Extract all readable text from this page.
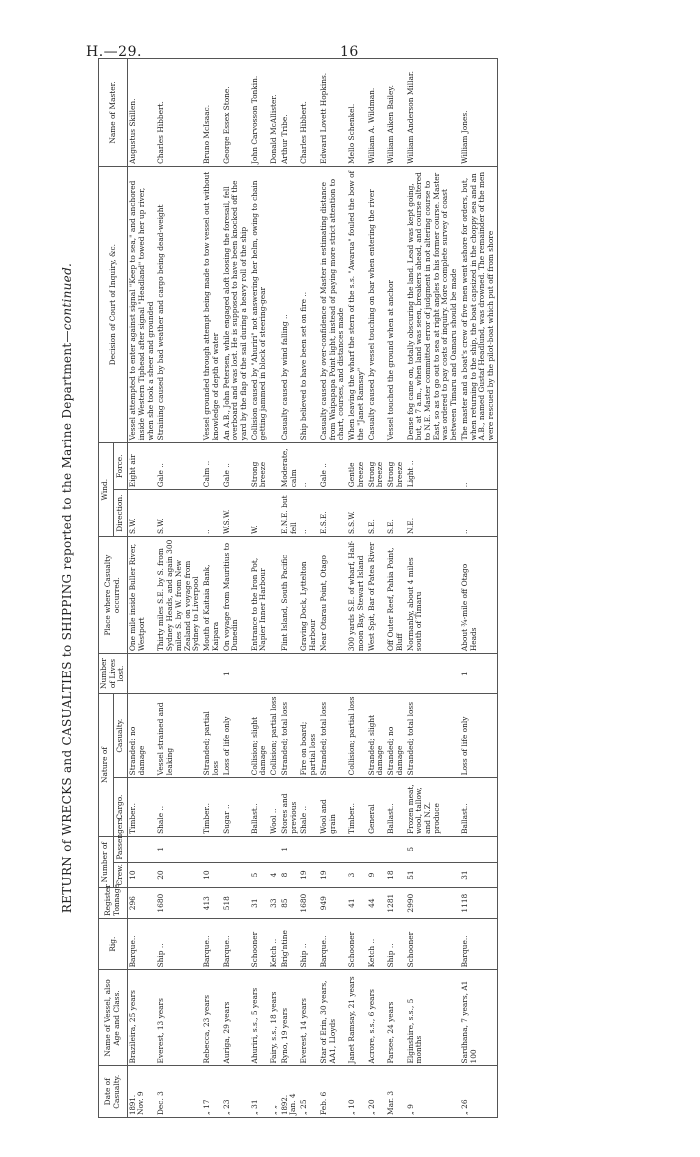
H.—29.	16
RETURN of WRECKS and CASUALTIES to SHIPPING reported to the Marine Department—continued.
Date of Casualty.	Name of Vessel, also Age and Class.	Rig.	Register Tonnage.	Number of		Nature of		Number of Lives lost.	Place where Casualty occurred.	Wind.		Decision of Court of Inquiry, &c.	Name of Master.
				Crew.	Passengers.	Cargo.	Casualty.			Direction.	Force.		

1891. Nov. 9	Brazileira, 25 years	Barque..	296	10		Timber..	Stranded: no damage		One mile inside Buller River, Westport	S.W.	Eight air	Vessel attempted to enter against signal "Keep to sea," and anchored inside Western Tiphead after signal "Headland" towed her up river, when she took a sheer and grounded	Augustus Skillen.

Dec. 3	Everest, 13 years	Ship ..	1680	20	1	Shale ..	Vessel strained and leaking		Thirty miles S.E. by S. from Sydney Heads, and again 300 miles S. by W. from New Zealand on voyage from Sydney to Liverpool	S.W.	Gale ..	Straining caused by bad weather and cargo being dead-weight	Charles Hibbert.

„ 17	Rebecca, 23 years	Barque..	413	10		Timber..	Stranded; partial loss		Mouth of Kaitaia Bank, Kaipara	..	Calm ..	Vessel grounded through attempt being made to tow vessel out without knowledge of depth of water	Bruno McIsaac.

„ 23	Auriga, 29 years	Barque..	518			Sugar ..	Loss of life only	1	On voyage from Mauritius to Dunedin	W.S.W.	Gale ..	An A.B., John Petersen, while engaged aloft loosing the foresail, fell overboard and was lost. He is supposed to have been knocked off the yard by the flap of the sail during a heavy roll of the ship	George Essex Stone.

„ 31	Ahuriri, s.s., 5 years	Schooner	31	5		Ballast..	Collision; slight damage		Entrance to the Iron Pot, Napier Inner Harbour	W.	Strong breeze	Collision caused by "Ahuriri" not answering her helm, owing to chain getting jammed in block of steering-gear	John Carvosson Tonkin.

„ „	Fairy, s.s., 18 years	Ketch ..	33	4		Wool ..	Collision; partial loss						Donald McAllister.

1892. Jan. 4	Ryno, 19 years	Brig'ntine	85	8	1	Stores and previous	Stranded; total loss		Flint Island, South Pacific	E.N.E. but fell	Moderate, calm	Casualty caused by wind falling ..	Arthur Tribe.

„ 25	Everest, 14 years	Ship ..	1680	19		Shale ..	Fire on board; partial loss		Graving Dock, Lyttelton Harbour	..	..	Ship believed to have been set on fire ..	Charles Hibbert.

Feb. 6	Star of Erin, 30 years, AA1, Lloyds	Barque..	949	19		Wool and grain	Stranded; total loss		Near Otarau Point, Otago	E.S.E.	Gale ..	Casualty caused by over-confidence of Master in estimating distance from Waipapapa Point light, instead of paying more strict attention to chart, courses, and distances made	Edward Lovett Hopkins.

„ 10	Janet Ramsay, 21 years	Schooner	41	3		Timber..	Collision; partial loss		300 yards S.E. of wharf, Half-moon Bay, Stewart Island	S.S.W.	Gentle breeze	When leaving the wharf the stern of the s.s. "Awarua" fouled the bow of the "Janet Ramsay"	Mello Schenkel.

„ 20	Acrore, s.s., 6 years	Ketch ..	44	9		General	Stranded; slight damage		West Spit, Bar of Patea River	S.E.	Strong breeze	Casualty caused by vessel touching on bar when entering the river	William A. Wildman.

Mar. 3	Parsee, 24 years	Ship ..	1281	18		Ballast..	Stranded; no damage		Off Outer Reef, Pahia Point, Bluff	S.E.	Strong breeze	Vessel touched the ground when at anchor	William Aiken Bailey.

„ 9	Elginshire, s.s., 5 months	Schooner	2990	51	5	Frozen meat, wool, tallow, and N.Z. produce	Stranded; total loss		Normanby, about 4 miles south of Timaru	N.E.	Light ..	Dense fog came on, totally obscuring the land. Lead was kept going, but, at 7 a.m., when land was seen, breakers ahead, and course altered to N.E. Master committed error of judgment in not altering course to East, so as to go out to sea at right angles to his former course. Master was ordered to pay costs of inquiry. More complete survey of coast between Timaru and Oamaru should be made	William Anderson Millar.

„ 26	Sardhana, 7 years, A1 100	Barque..	1118	31		Ballast..	Loss of life only	1	About ¾-mile off Otago Heads	..	..	The master and a boat's crew of five men went ashore for orders, but, when returning to the ship, the boat capsized in the choppy sea and an A.B., named Gustaf Headlund, was drowned. The remainder of the men were rescued by the pilot-boat which put off from shore	William Jones.
